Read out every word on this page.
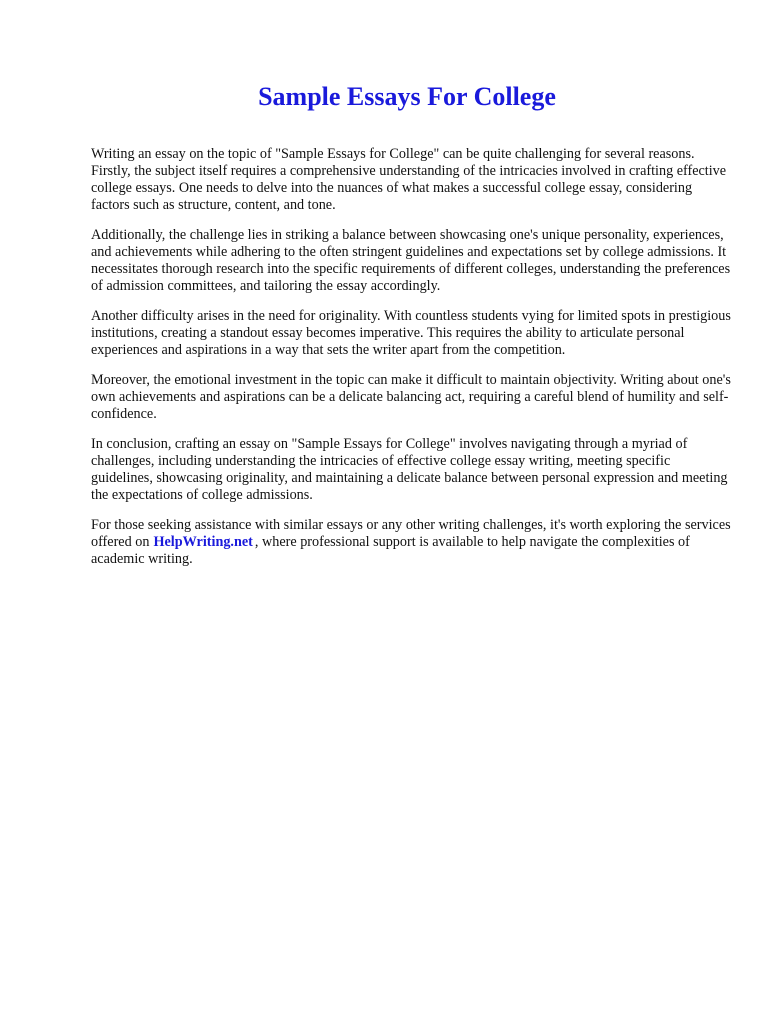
Sample Essays For College

Writing an essay on the topic of "Sample Essays for College" can be quite challenging for several reasons. Firstly, the subject itself requires a comprehensive understanding of the intricacies involved in crafting effective college essays. One needs to delve into the nuances of what makes a successful college essay, considering factors such as structure, content, and tone.

Additionally, the challenge lies in striking a balance between showcasing one's unique personality, experiences, and achievements while adhering to the often stringent guidelines and expectations set by college admissions. It necessitates thorough research into the specific requirements of different colleges, understanding the preferences of admission committees, and tailoring the essay accordingly.

Another difficulty arises in the need for originality. With countless students vying for limited spots in prestigious institutions, creating a standout essay becomes imperative. This requires the ability to articulate personal experiences and aspirations in a way that sets the writer apart from the competition.

Moreover, the emotional investment in the topic can make it difficult to maintain objectivity. Writing about one's own achievements and aspirations can be a delicate balancing act, requiring a careful blend of humility and self-confidence.

In conclusion, crafting an essay on "Sample Essays for College" involves navigating through a myriad of challenges, including understanding the intricacies of effective college essay writing, meeting specific guidelines, showcasing originality, and maintaining a delicate balance between personal expression and meeting the expectations of college admissions.

For those seeking assistance with similar essays or any other writing challenges, it's worth exploring the services offered on HelpWriting.net , where professional support is available to help navigate the complexities of academic writing.
